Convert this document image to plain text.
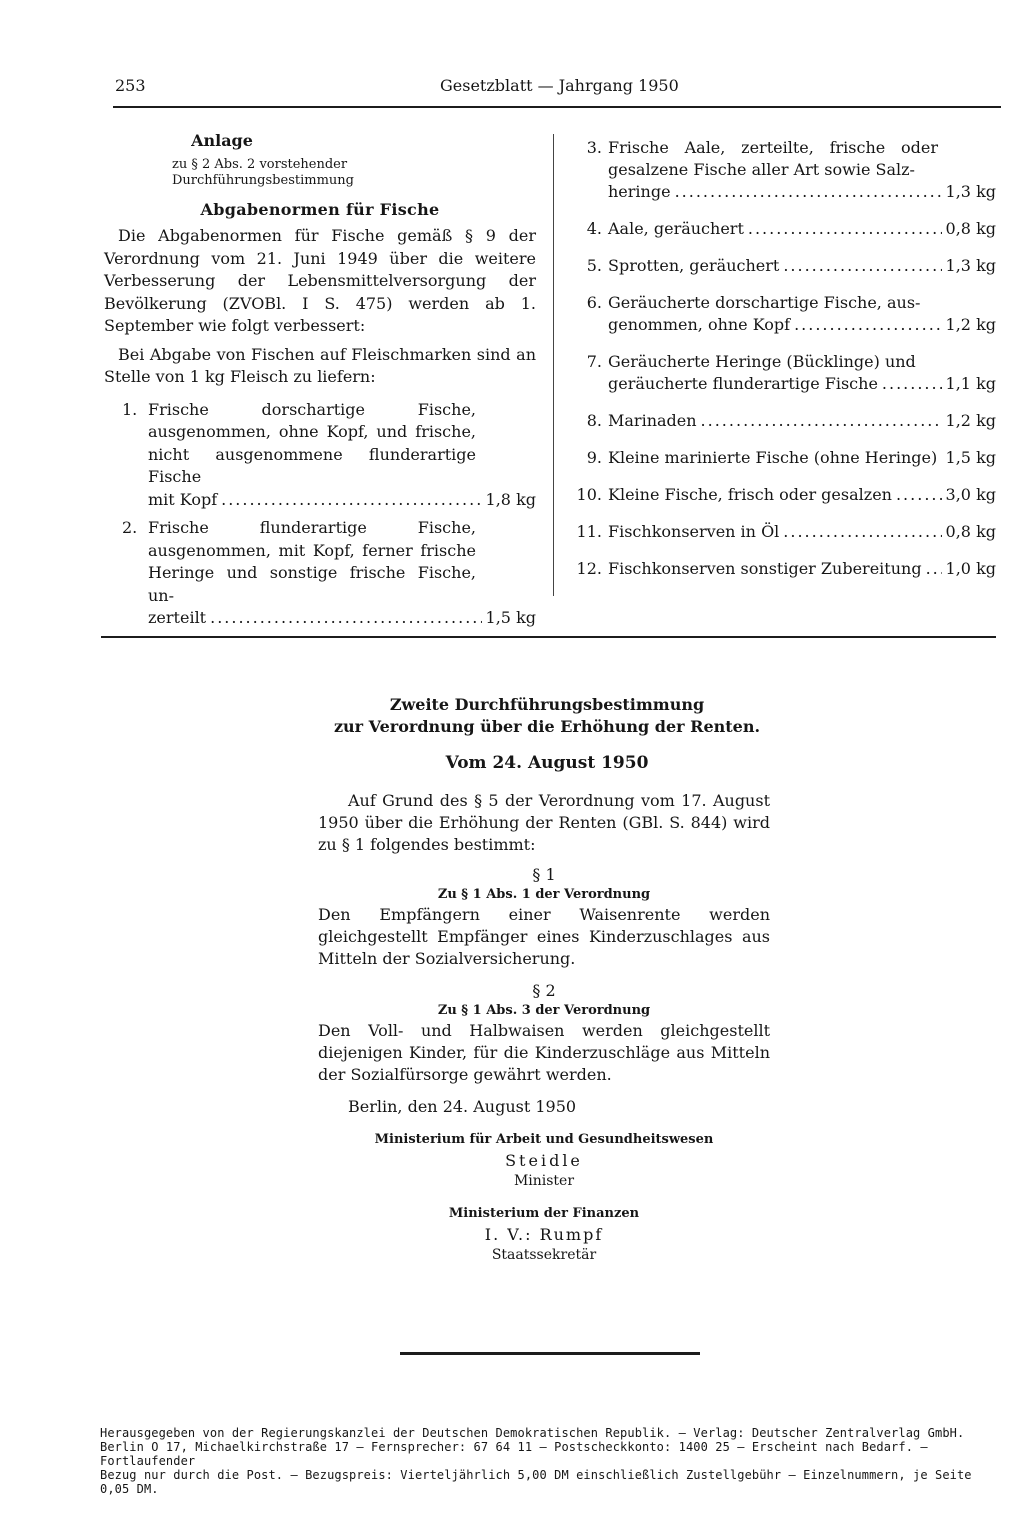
253	Gesetzblatt — Jahrgang 1950
Anlage
zu § 2 Abs. 2 vorstehender
Durchführungsbestimmung
Abgabenormen für Fische

Die Abgabenormen für Fische gemäß § 9 der Verordnung vom 21. Juni 1949 über die weitere Verbesserung der Lebensmittelversorgung der Bevölkerung (ZVOBl. I S. 475) werden ab 1. September wie folgt verbessert:

Bei Abgabe von Fischen auf Fleischmarken sind an Stelle von 1 kg Fleisch zu liefern:

1. Frische dorschartige Fische, ausgenommen, ohne Kopf, und frische, nicht ausgenommene flunderartige Fische
mit Kopf .....	1,8 kg
2. Frische flunderartige Fische, ausgenommen, mit Kopf, ferner frische Heringe und sonstige frische Fische, un-
zerteilt .....	1,5 kg
3. Frische Aale, zerteilte, frische oder gesalzene Fische aller Art sowie Salz-
heringe .....	1,3 kg
4. Aale, geräuchert .....	0,8 kg
5. Sprotten, geräuchert .....	1,3 kg
6. Geräucherte dorschartige Fische, aus-
genommen, ohne Kopf .....	1,2 kg
7. Geräucherte Heringe (Bücklinge) und
geräucherte flunderartige Fische .....	1,1 kg
8. Marinaden .....	1,2 kg
9. Kleine marinierte Fische (ohne Heringe) ..... 1,5 kg
10. Kleine Fische, frisch oder gesalzen .....	3,0 kg
11. Fischkonserven in Öl .....	0,8 kg
12. Fischkonserven sonstiger Zubereitung ..... 1,0 kg
Zweite Durchführungsbestimmung
zur Verordnung über die Erhöhung der Renten.
Vom 24. August 1950

Auf Grund des § 5 der Verordnung vom 17. August 1950 über die Erhöhung der Renten (GBl. S. 844) wird zu § 1 folgendes bestimmt:

§ 1
Zu § 1 Abs. 1 der Verordnung

Den Empfängern einer Waisenrente werden gleichgestellt Empfänger eines Kinderzuschlages aus Mitteln der Sozialversicherung.

§ 2
Zu § 1 Abs. 3 der Verordnung

Den Voll- und Halbwaisen werden gleichgestellt diejenigen Kinder, für die Kinderzuschläge aus Mitteln der Sozialfürsorge gewährt werden.

Berlin, den 24. August 1950
Ministerium für Arbeit und Gesundheitswesen
Steidle
Minister
Ministerium der Finanzen
I. V.: Rumpf
Staatssekretär
Herausgegeben von der Regierungskanzlei der Deutschen Demokratischen Republik. — Verlag: Deutscher Zentralverlag GmbH.
Berlin O 17, Michaelkirchstraße 17 — Fernsprecher: 67 64 11 — Postscheckkonto: 1400 25 — Erscheint nach Bedarf. — Fortlaufender
Bezug nur durch die Post. — Bezugspreis: Vierteljährlich 5,00 DM einschließlich Zustellgebühr — Einzelnummern, je Seite 0,05 DM.
